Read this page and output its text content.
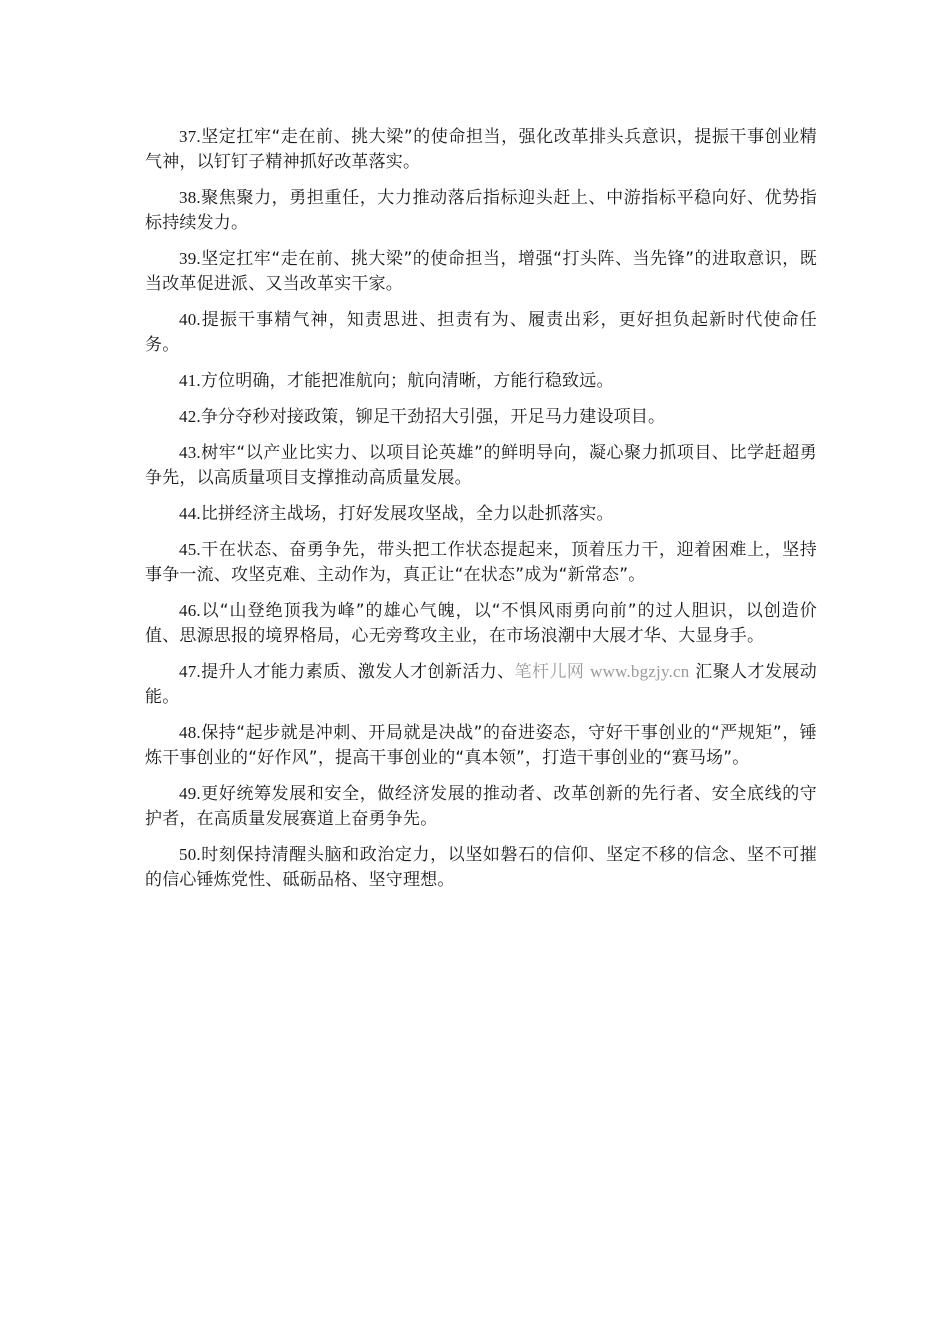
37.坚定扛牢“走在前、挑大梁”的使命担当，强化改革排头兵意识，提振干事创业精气神，以钉钉子精神抓好改革落实。

38.聚焦聚力，勇担重任，大力推动落后指标迎头赶上、中游指标平稳向好、优势指标持续发力。

39.坚定扛牢“走在前、挑大梁”的使命担当，增强“打头阵、当先锋”的进取意识，既当改革促进派、又当改革实干家。

40.提振干事精气神，知责思进、担责有为、履责出彩，更好担负起新时代使命任务。

41.方位明确，才能把准航向；航向清晰，方能行稳致远。

42.争分夺秒对接政策，铆足干劲招大引强，开足马力建设项目。

43.树牢“以产业比实力、以项目论英雄”的鲜明导向，凝心聚力抓项目、比学赶超勇争先，以高质量项目支撑推动高质量发展。

44.比拼经济主战场，打好发展攻坚战，全力以赴抓落实。

45.干在状态、奋勇争先，带头把工作状态提起来，顶着压力干，迎着困难上，坚持事争一流、攻坚克难、主动作为，真正让“在状态”成为“新常态”。

46.以“山登绝顶我为峰”的雄心气魄，以“不惧风雨勇向前”的过人胆识，以创造价值、思源思报的境界格局，心无旁骛攻主业，在市场浪潮中大展才华、大显身手。

47.提升人才能力素质、激发人才创新活力、笔杆儿网 www.bgzjy.cn 汇聚人才发展动能。

48.保持“起步就是冲刺、开局就是决战”的奋进姿态，守好干事创业的“严规矩”，锤炼干事创业的“好作风”，提高干事创业的“真本领”，打造干事创业的“赛马场”。

49.更好统筹发展和安全，做经济发展的推动者、改革创新的先行者、安全底线的守护者，在高质量发展赛道上奋勇争先。

50.时刻保持清醒头脑和政治定力，以坚如磐石的信仰、坚定不移的信念、坚不可摧的信心锤炼党性、砥砺品格、坚守理想。
